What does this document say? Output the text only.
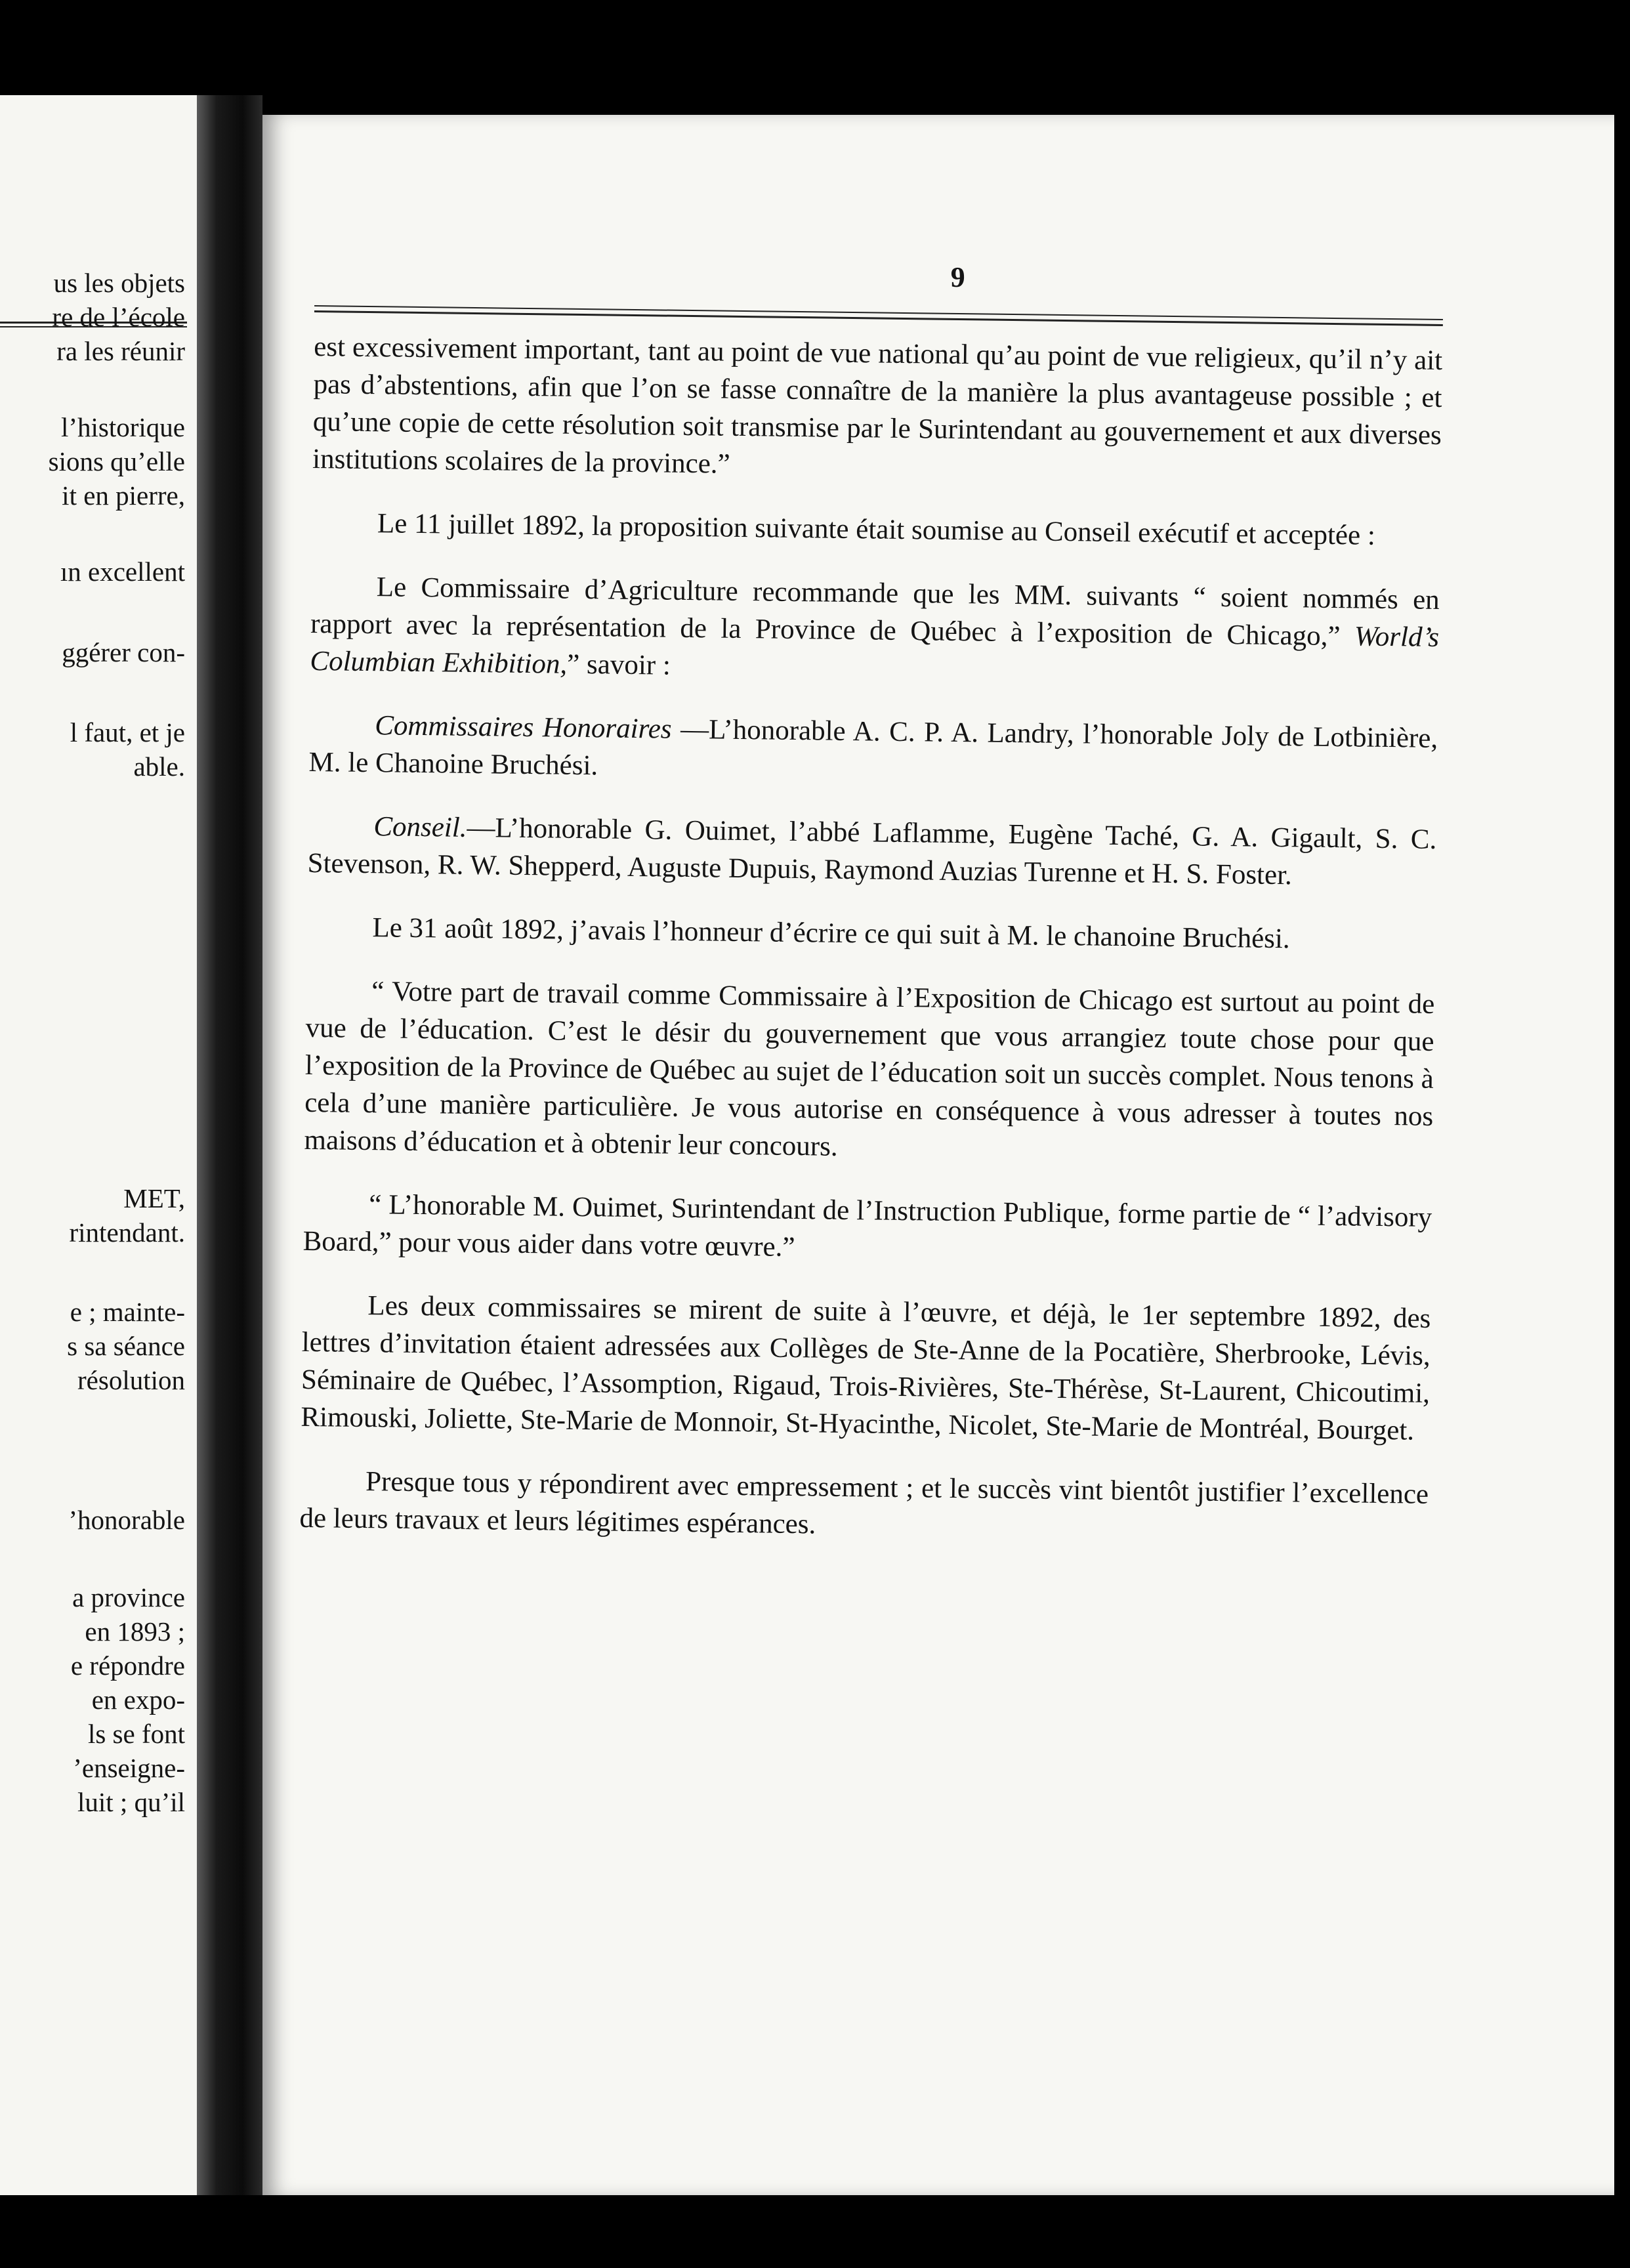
us les objets
re de l’école
ra les réunir
l’historique
sions qu’elle
it en pierre,
ın excellent
ggérer con-
l faut, et je
able.
MET,
rintendant.
e ; mainte-
s sa séance
résolution
’honorable
a province
en 1893 ;
e répondre
en expo-
ls se font
’enseigne-
luit ; qu’il
9

est excessivement important, tant au point de vue national qu’au point de vue religieux, qu’il n’y ait pas d’abstentions, afin que l’on se fasse connaître de la manière la plus avantageuse possible ; et qu’une copie de cette résolution soit transmise par le Surintendant au gouvernement et aux diverses institutions scolaires de la province.”

Le 11 juillet 1892, la proposition suivante était soumise au Conseil exécutif et acceptée :

Le Commissaire d’Agriculture recommande que les MM. suivants “ soient nommés en rapport avec la représentation de la Province de Québec à l’exposition de Chicago,” World’s Columbian Exhibition,” savoir :

Commissaires Honoraires —L’honorable A. C. P. A. Landry, l’honorable Joly de Lotbinière, M. le Chanoine Bruchési.

Conseil.—L’honorable G. Ouimet, l’abbé Laflamme, Eugène Taché, G. A. Gigault, S. C. Stevenson, R. W. Shepperd, Auguste Dupuis, Raymond Auzias Turenne et H. S. Foster.

Le 31 août 1892, j’avais l’honneur d’écrire ce qui suit à M. le chanoine Bruchési.

“ Votre part de travail comme Commissaire à l’Exposition de Chicago est surtout au point de vue de l’éducation. C’est le désir du gouvernement que vous arrangiez toute chose pour que l’exposition de la Province de Québec au sujet de l’éducation soit un succès complet. Nous tenons à cela d’une manière particulière. Je vous autorise en conséquence à vous adresser à toutes nos maisons d’éducation et à obtenir leur concours.

“ L’honorable M. Ouimet, Surintendant de l’Instruction Publique, forme partie de “ l’advisory Board,” pour vous aider dans votre œuvre.”

Les deux commissaires se mirent de suite à l’œuvre, et déjà, le 1er septembre 1892, des lettres d’invitation étaient adressées aux Collèges de Ste-Anne de la Pocatière, Sherbrooke, Lévis, Séminaire de Québec, l’Assomption, Rigaud, Trois-Rivières, Ste-Thérèse, St-Laurent, Chicoutimi, Rimouski, Joliette, Ste-Marie de Monnoir, St-Hyacinthe, Nicolet, Ste-Marie de Montréal, Bourget.

Presque tous y répondirent avec empressement ; et le succès vint bientôt justifier l’excellence de leurs travaux et leurs légitimes espérances.
